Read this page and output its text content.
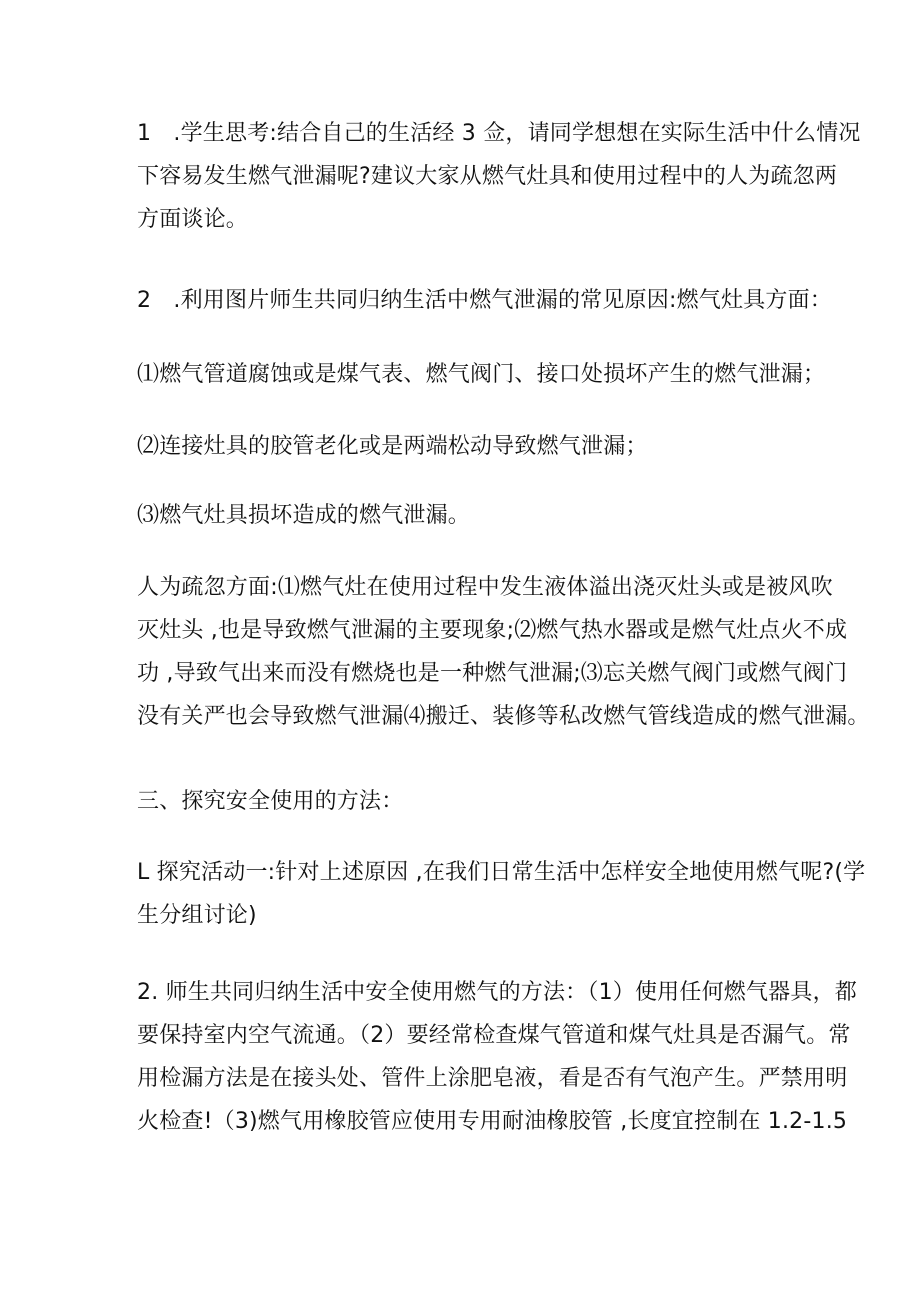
1　.学生思考:结合自己的生活经 3 佥，请同学想想在实际生活中什么情况
下容易发生燃气泄漏呢?建议大家从燃气灶具和使用过程中的人为疏忽两
方面谈论。

2　.利用图片师生共同归纳生活中燃气泄漏的常见原因:燃气灶具方面：

⑴燃气管道腐蚀或是煤气表、燃气阀门、接口处损坏产生的燃气泄漏；

⑵连接灶具的胶管老化或是两端松动导致燃气泄漏；

⑶燃气灶具损坏造成的燃气泄漏。

人为疏忽方面:⑴燃气灶在使用过程中发生液体溢出浇灭灶头或是被风吹
灭灶头 ,也是导致燃气泄漏的主要现象;⑵燃气热水器或是燃气灶点火不成
功 ,导致气出来而没有燃烧也是一种燃气泄漏;⑶忘关燃气阀门或燃气阀门
没有关严也会导致燃气泄漏⑷搬迁、装修等私改燃气管线造成的燃气泄漏。

三、探究安全使用的方法：

L 探究活动一:针对上述原因 ,在我们日常生活中怎样安全地使用燃气呢?(学
生分组讨论)

2. 师生共同归纳生活中安全使用燃气的方法：（1）使用任何燃气器具，都
要保持室内空气流通。（2）要经常检查煤气管道和煤气灶具是否漏气。常
用检漏方法是在接头处、管件上涂肥皂液，看是否有气泡产生。严禁用明
火检查!（3)燃气用橡胶管应使用专用耐油橡胶管 ,长度宜控制在 1.2-1.5
